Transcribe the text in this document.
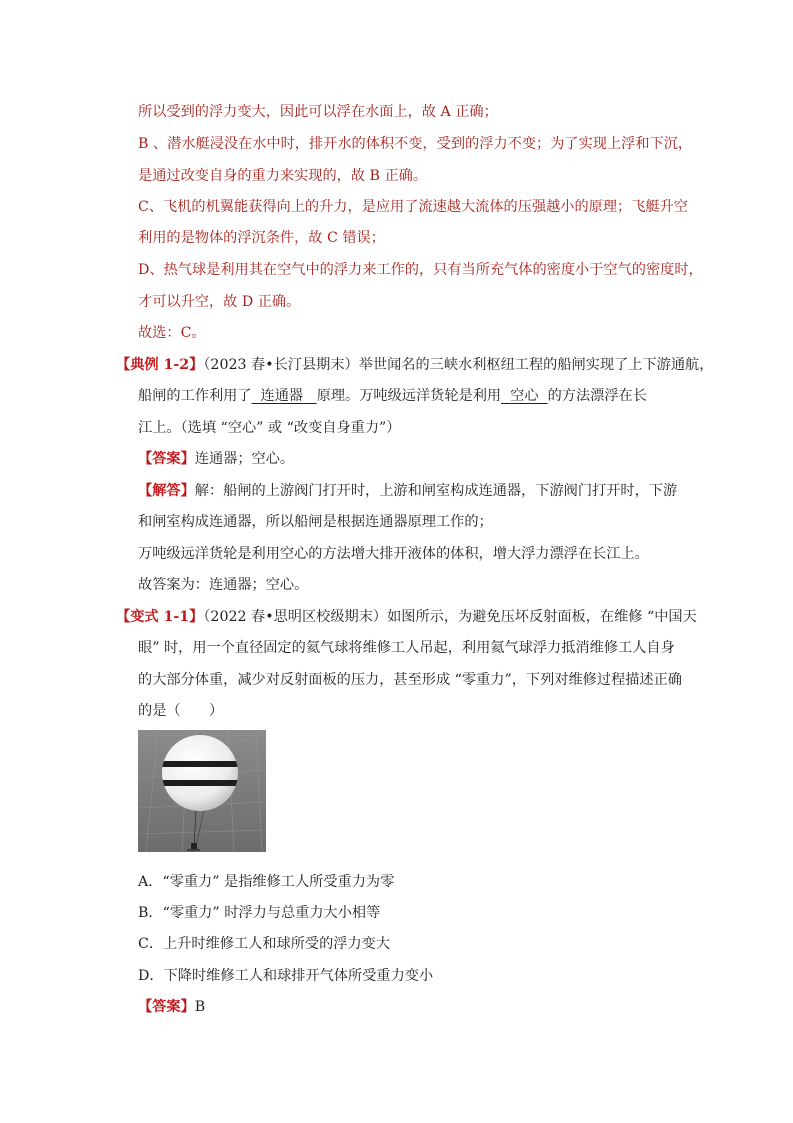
所以受到的浮力变大，因此可以浮在水面上，故 A 正确；
B 、潜水艇浸没在水中时，排开水的体积不变，受到的浮力不变；为了实现上浮和下沉，
是通过改变自身的重力来实现的，故 B 正确。
C、飞机的机翼能获得向上的升力，是应用了流速越大流体的压强越小的原理；飞艇升空
利用的是物体的浮沉条件，故 C 错误；
D、热气球是利用其在空气中的浮力来工作的，只有当所充气体的密度小于空气的密度时，
才可以升空，故 D 正确。
故选：C。
【典例 1-2】（2023 春•长汀县期末）举世闻名的三峡水利枢纽工程的船闸实现了上下游通航，
船闸的工作利用了 连通器 原理。万吨级远洋货轮是利用 空心 的方法漂浮在长
江上。（选填 “空心” 或 “改变自身重力”）
【答案】连通器；空心。
【解答】解：船闸的上游阀门打开时，上游和闸室构成连通器，下游阀门打开时，下游
和闸室构成连通器，所以船闸是根据连通器原理工作的；
万吨级远洋货轮是利用空心的方法增大排开液体的体积，增大浮力漂浮在长江上。
故答案为：连通器；空心。
【变式 1-1】（2022 春•思明区校级期末）如图所示，为避免压坏反射面板，在维修 “中国天
眼” 时，用一个直径固定的氦气球将维修工人吊起，利用氦气球浮力抵消维修工人自身
的大部分体重，减少对反射面板的压力，甚至形成 “零重力”，下列对维修过程描述正确
的是（　　）
A．“零重力” 是指维修工人所受重力为零
B．“零重力” 时浮力与总重力大小相等
C．上升时维修工人和球所受的浮力变大
D．下降时维修工人和球排开气体所受重力变小
【答案】B
